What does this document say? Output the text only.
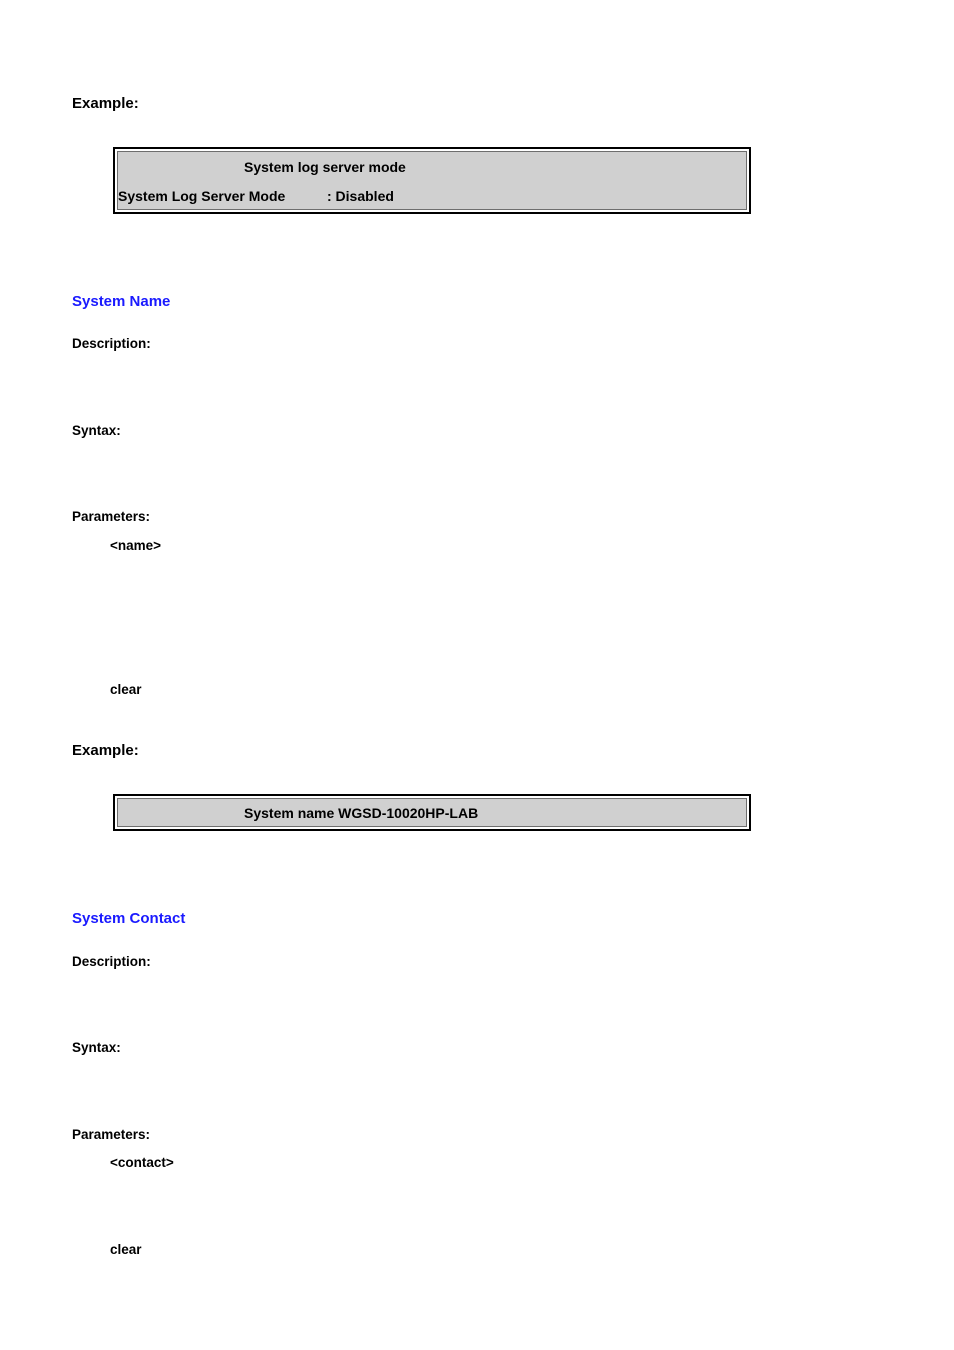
Example:
System log server mode
System Log Server Mode	: Disabled
System Name
Description:
Syntax:
Parameters:
<name>
clear
Example:
System name WGSD-10020HP-LAB
System Contact
Description:
Syntax:
Parameters:
<contact>
clear
